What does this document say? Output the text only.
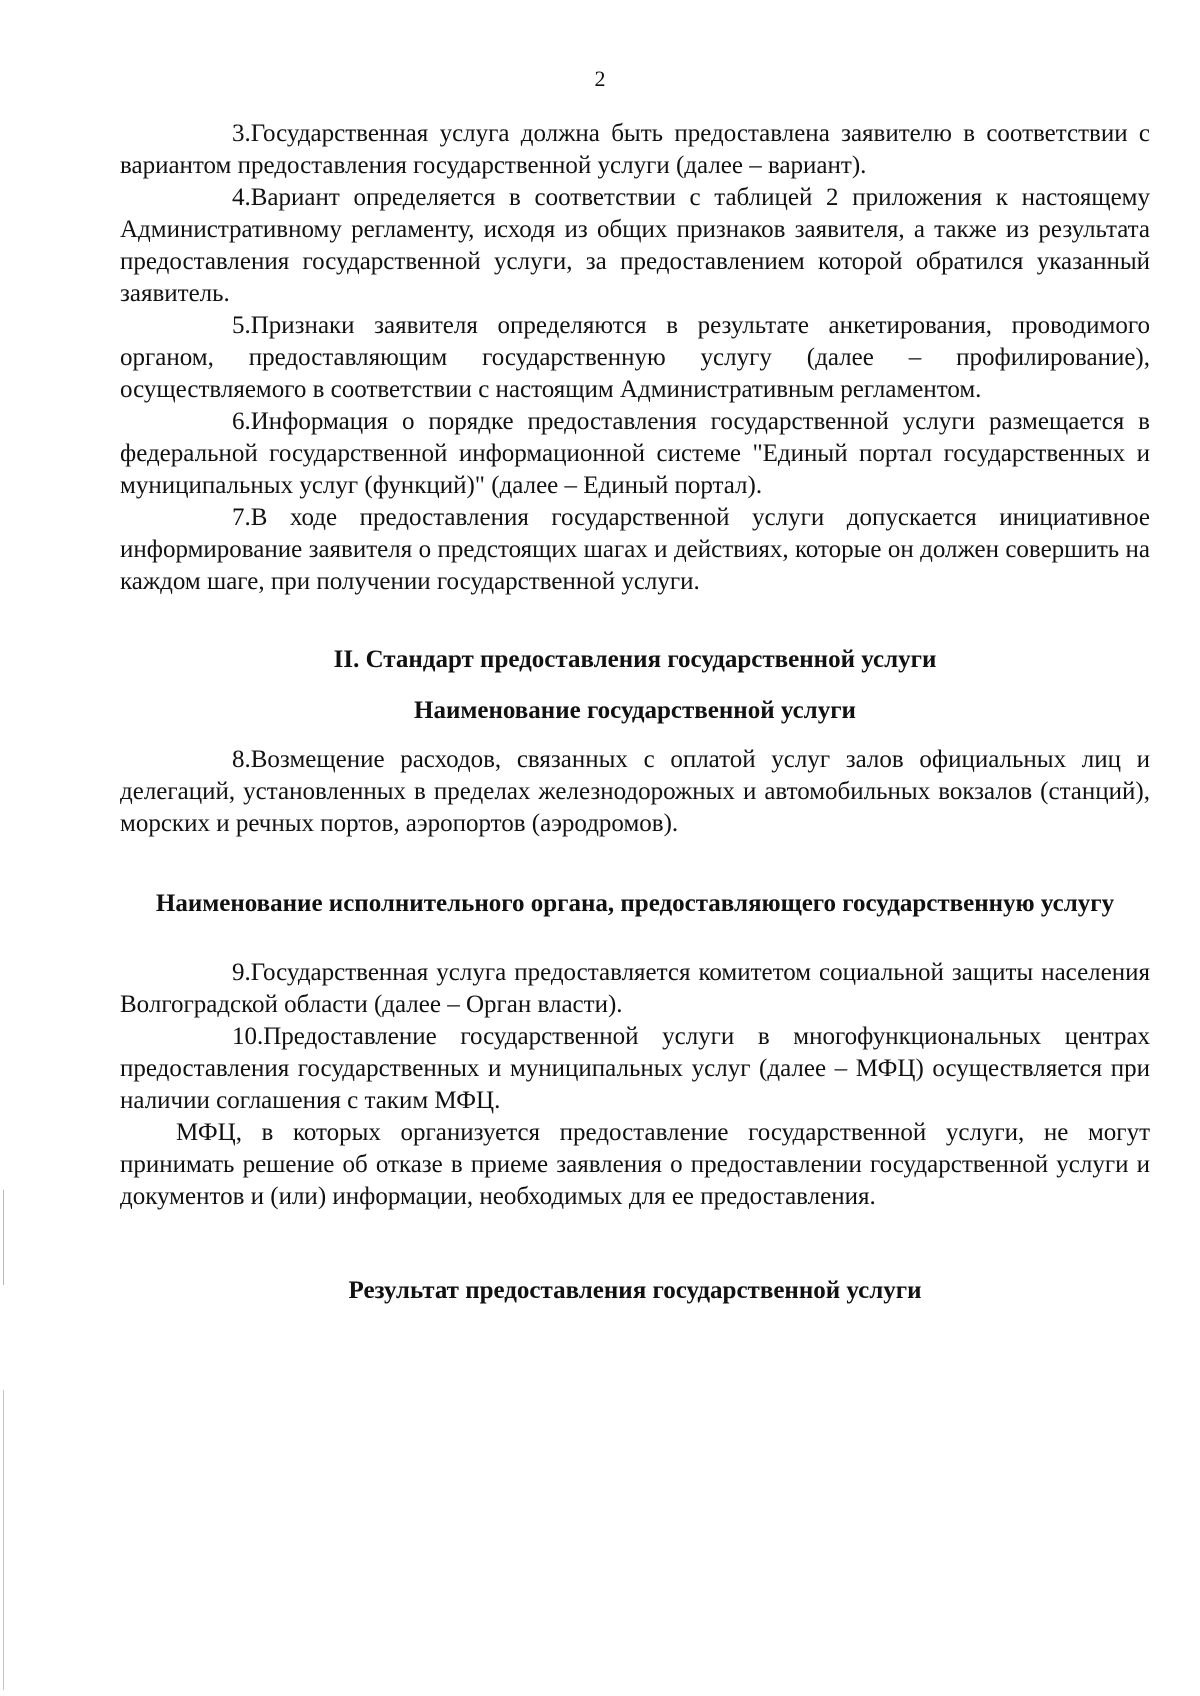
2

3.Государственная услуга должна быть предоставлена заявителю в соответствии с вариантом предоставления государственной услуги (далее – вариант).

4.Вариант определяется в соответствии с таблицей 2 приложения к настоящему Административному регламенту, исходя из общих признаков заявителя, а также из результата предоставления государственной услуги, за предоставлением которой обратился указанный заявитель.

5.Признаки заявителя определяются в результате анкетирования, проводимого органом, предоставляющим государственную услугу (далее – профилирование), осуществляемого в соответствии с настоящим Административным регламентом.

6.Информация о порядке предоставления государственной услуги размещается в федеральной государственной информационной системе "Единый портал государственных и муниципальных услуг (функций)" (далее – Единый портал).

7.В ходе предоставления государственной услуги допускается инициативное информирование заявителя о предстоящих шагах и действиях, которые он должен совершить на каждом шаге, при получении государственной услуги.

II. Стандарт предоставления государственной услуги

Наименование государственной услуги

8.Возмещение расходов, связанных с оплатой услуг залов официальных лиц и делегаций, установленных в пределах железнодорожных и автомобильных вокзалов (станций), морских и речных портов, аэропортов (аэродромов).

Наименование исполнительного органа, предоставляющего государственную услугу

9.Государственная услуга предоставляется комитетом социальной защиты населения Волгоградской области (далее – Орган власти).

10.Предоставление государственной услуги в многофункциональных центрах предоставления государственных и муниципальных услуг (далее – МФЦ) осуществляется при наличии соглашения с таким МФЦ.

МФЦ, в которых организуется предоставление государственной услуги, не могут принимать решение об отказе в приеме заявления о предоставлении государственной услуги и документов и (или) информации, необходимых для ее предоставления.

Результат предоставления государственной услуги
